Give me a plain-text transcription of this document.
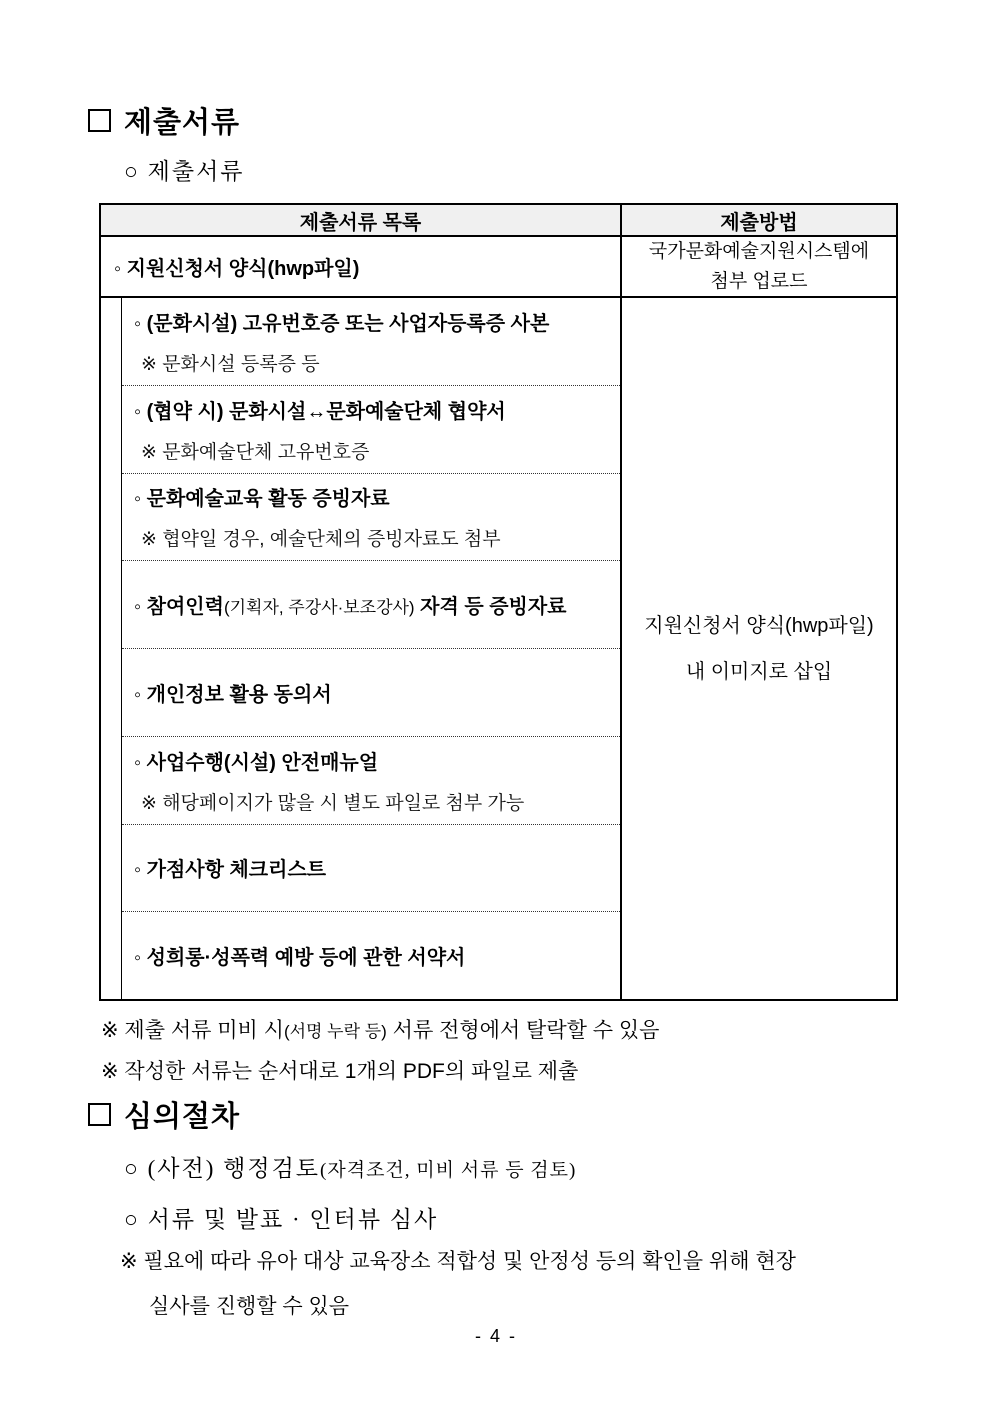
제출서류
○ 제출서류
제출서류 목록	제출방법
◦ 지원신청서 양식(hwp파일)
국가문화예술지원시스템에
첨부 업로드
◦ (문화시설) 고유번호증 또는 사업자등록증 사본
※ 문화시설 등록증 등
◦ (협약 시) 문화시설↔문화예술단체 협약서
※ 문화예술단체 고유번호증
◦ 문화예술교육 활동 증빙자료
※ 협약일 경우, 예술단체의 증빙자료도 첨부
◦ 참여인력(기획자, 주강사·보조강사) 자격 등 증빙자료
◦ 개인정보 활용 동의서
◦ 사업수행(시설) 안전매뉴얼
※ 해당페이지가 많을 시 별도 파일로 첨부 가능
◦ 가점사항 체크리스트
◦ 성희롱·성폭력 예방 등에 관한 서약서
지원신청서 양식(hwp파일)
내 이미지로 삽입
※ 제출 서류 미비 시(서명 누락 등) 서류 전형에서 탈락할 수 있음
※ 작성한 서류는 순서대로 1개의 PDF의 파일로 제출
심의절차
○ (사전) 행정검토(자격조건, 미비 서류 등 검토)
○ 서류 및 발표 · 인터뷰 심사
※ 필요에 따라 유아 대상 교육장소 적합성 및 안정성 등의 확인을 위해 현장
실사를 진행할 수 있음
- 4 -
